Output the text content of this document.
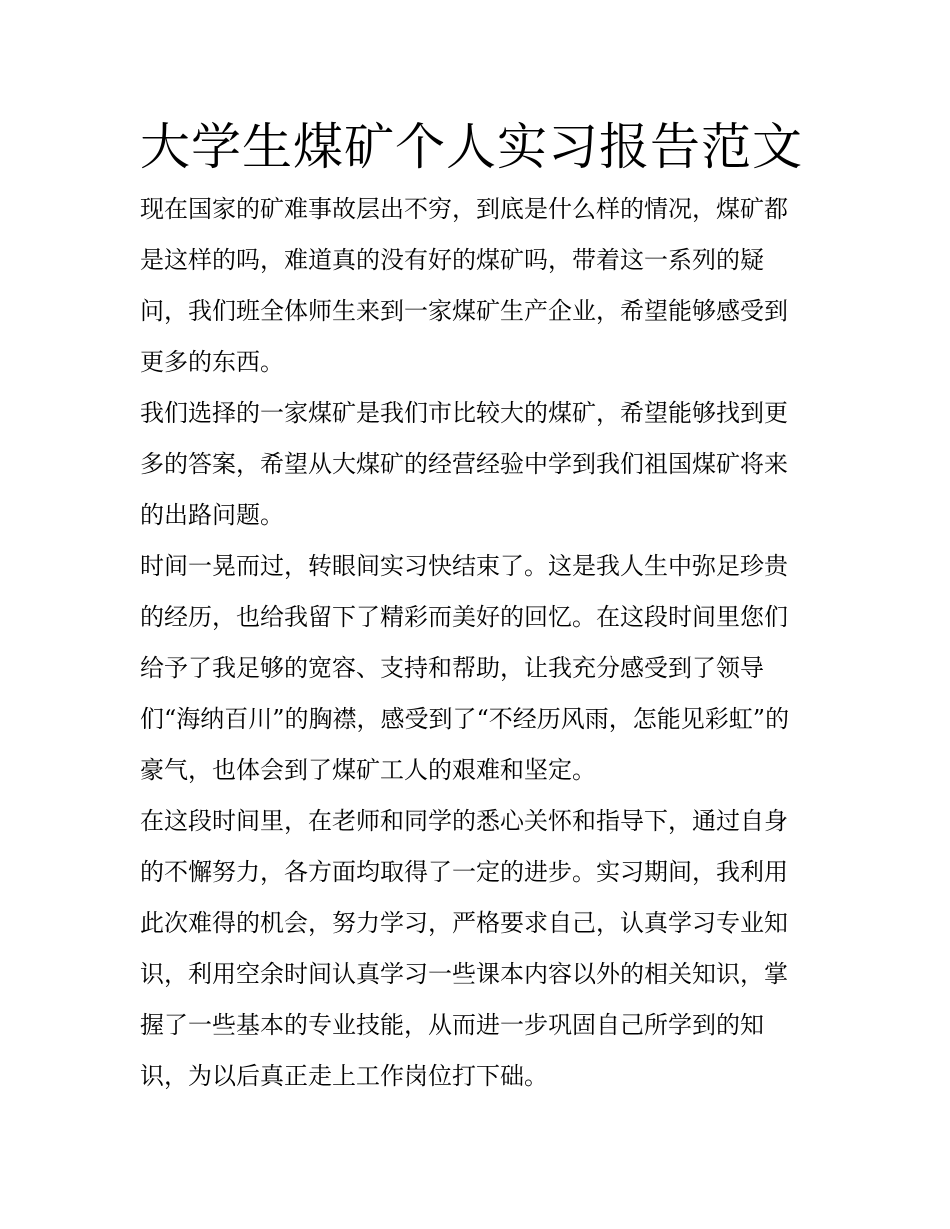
大学生煤矿个人实习报告范文

现在国家的矿难事故层出不穷，到底是什么样的情况，煤矿都
是这样的吗，难道真的没有好的煤矿吗，带着这一系列的疑
问，我们班全体师生来到一家煤矿生产企业，希望能够感受到
更多的东西。

我们选择的一家煤矿是我们市比较大的煤矿，希望能够找到更
多的答案，希望从大煤矿的经营经验中学到我们祖国煤矿将来
的出路问题。

时间一晃而过，转眼间实习快结束了。这是我人生中弥足珍贵
的经历，也给我留下了精彩而美好的回忆。在这段时间里您们
给予了我足够的宽容、支持和帮助，让我充分感受到了领导
们“海纳百川”的胸襟，感受到了“不经历风雨，怎能见彩虹”的
豪气，也体会到了煤矿工人的艰难和坚定。

在这段时间里，在老师和同学的悉心关怀和指导下，通过自身
的不懈努力，各方面均取得了一定的进步。实习期间，我利用
此次难得的机会，努力学习，严格要求自己，认真学习专业知
识，利用空余时间认真学习一些课本内容以外的相关知识，掌
握了一些基本的专业技能，从而进一步巩固自己所学到的知
识，为以后真正走上工作岗位打下础。
